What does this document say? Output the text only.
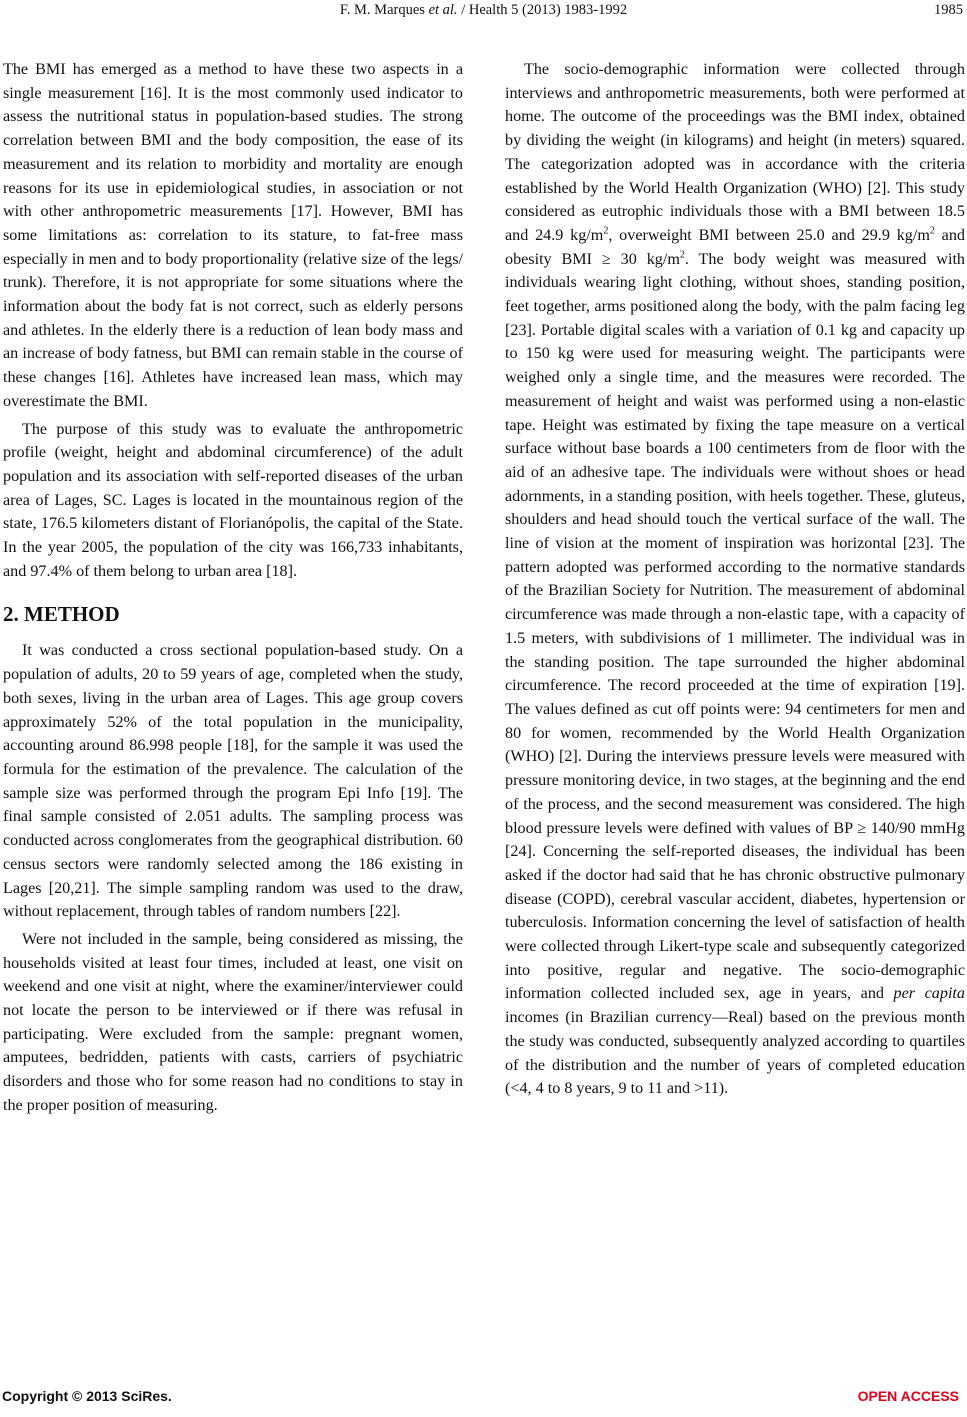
F. M. Marques et al. / Health 5 (2013) 1983-1992	1985

The BMI has emerged as a method to have these two aspects in a single measurement [16]. It is the most commonly used indicator to assess the nutritional status in population-based studies. The strong correlation between BMI and the body composition, the ease of its measurement and its relation to morbidity and mortality are enough reasons for its use in epidemiological studies, in association or not with other anthropometric measurements [17]. However, BMI has some limitations as: correlation to its stature, to fat-free mass especially in men and to body proportionality (relative size of the legs/ trunk). Therefore, it is not appropriate for some situations where the information about the body fat is not correct, such as elderly persons and athletes. In the elderly there is a reduction of lean body mass and an increase of body fatness, but BMI can remain stable in the course of these changes [16]. Athletes have increased lean mass, which may overestimate the BMI.

The purpose of this study was to evaluate the anthropometric profile (weight, height and abdominal circumference) of the adult population and its association with self-reported diseases of the urban area of Lages, SC. Lages is located in the mountainous region of the state, 176.5 kilometers distant of Florianópolis, the capital of the State. In the year 2005, the population of the city was 166,733 inhabitants, and 97.4% of them belong to urban area [18].

2. METHOD

It was conducted a cross sectional population-based study. On a population of adults, 20 to 59 years of age, completed when the study, both sexes, living in the urban area of Lages. This age group covers approximately 52% of the total population in the municipality, accounting around 86.998 people [18], for the sample it was used the formula for the estimation of the prevalence. The calculation of the sample size was performed through the program Epi Info [19]. The final sample consisted of 2.051 adults. The sampling process was conducted across conglomerates from the geographical distribution. 60 census sectors were randomly selected among the 186 existing in Lages [20,21]. The simple sampling random was used to the draw, without replacement, through tables of random numbers [22].

Were not included in the sample, being considered as missing, the households visited at least four times, included at least, one visit on weekend and one visit at night, where the examiner/interviewer could not locate the person to be interviewed or if there was refusal in participating. Were excluded from the sample: pregnant women, amputees, bedridden, patients with casts, carriers of psychiatric disorders and those who for some reason had no conditions to stay in the proper position of measuring.

The socio-demographic information were collected through interviews and anthropometric measurements, both were performed at home. The outcome of the proceedings was the BMI index, obtained by dividing the weight (in kilograms) and height (in meters) squared. The categorization adopted was in accordance with the criteria established by the World Health Organization (WHO) [2]. This study considered as eutrophic individuals those with a BMI between 18.5 and 24.9 $kg/m^2$, overweight BMI between 25.0 and 29.9 $kg/m^2$ and obesity BMI ≥ 30 $kg/m^2$. The body weight was measured with individuals wearing light clothing, without shoes, standing position, feet together, arms positioned along the body, with the palm facing leg [23]. Portable digital scales with a variation of 0.1 kg and capacity up to 150 kg were used for measuring weight. The participants were weighed only a single time, and the measures were recorded. The measurement of height and waist was performed using a non-elastic tape. Height was estimated by fixing the tape measure on a vertical surface without base boards a 100 centimeters from de floor with the aid of an adhesive tape. The individuals were without shoes or head adornments, in a standing position, with heels together. These, gluteus, shoulders and head should touch the vertical surface of the wall. The line of vision at the moment of inspiration was horizontal [23]. The pattern adopted was performed according to the normative standards of the Brazilian Society for Nutrition. The measurement of abdominal circumference was made through a non-elastic tape, with a capacity of 1.5 meters, with subdivisions of 1 millimeter. The individual was in the standing position. The tape surrounded the higher abdominal circumference. The record proceeded at the time of expiration [19]. The values defined as cut off points were: 94 centimeters for men and 80 for women, recommended by the World Health Organization (WHO) [2]. During the interviews pressure levels were measured with pressure monitoring device, in two stages, at the beginning and the end of the process, and the second measurement was considered. The high blood pressure levels were defined with values of BP ≥ 140/90 mmHg [24]. Concerning the self-reported diseases, the individual has been asked if the doctor had said that he has chronic obstructive pulmonary disease (COPD), cerebral vascular accident, diabetes, hypertension or tuberculosis. Information concerning the level of satisfaction of health were collected through Likert-type scale and subsequently categorized into positive, regular and negative. The socio-demographic information collected included sex, age in years, and per capita incomes (in Brazilian currency—Real) based on the previous month the study was conducted, subsequently analyzed according to quartiles of the distribution and the number of years of completed education (<4, 4 to 8 years, 9 to 11 and >11).

Copyright © 2013 SciRes.	OPEN ACCESS
